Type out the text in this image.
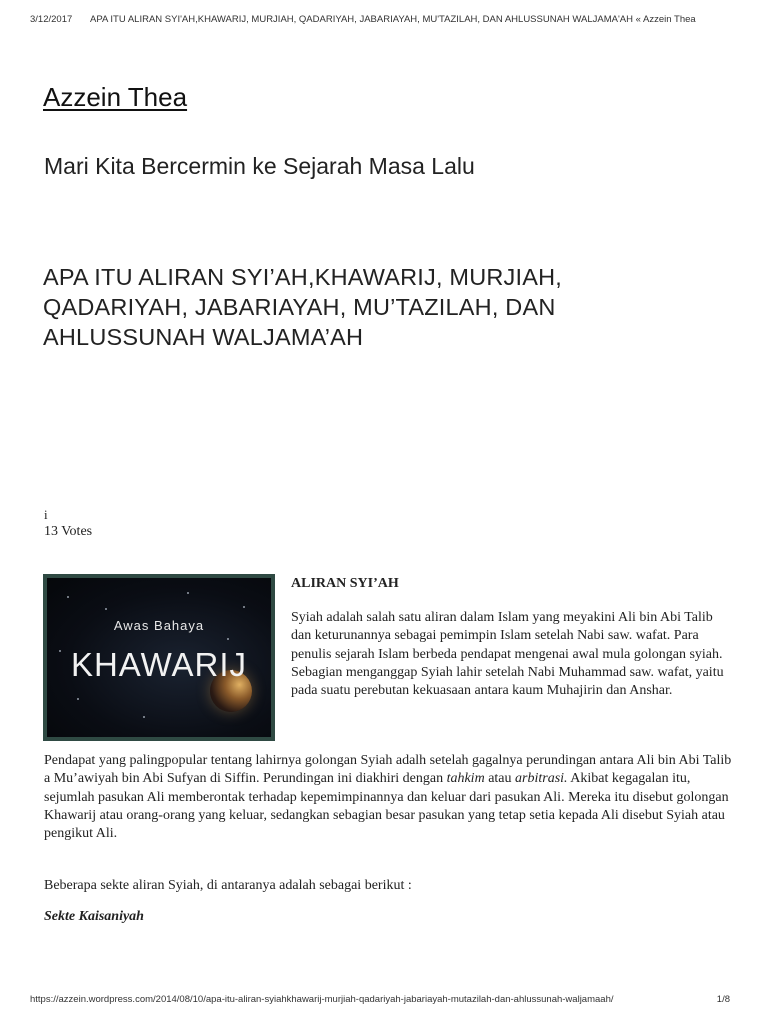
3/12/2017 APA ITU ALIRAN SYI'AH,KHAWARIJ, MURJIAH, QADARIYAH, JABARIAYAH, MU'TAZILAH, DAN AHLUSSUNAH WALJAMA'AH « Azzein Thea
Azzein Thea
Mari Kita Bercermin ke Sejarah Masa Lalu
APA ITU ALIRAN SYI’AH,KHAWARIJ, MURJIAH, QADARIYAH, JABARIAYAH, MU’TAZILAH, DAN AHLUSSUNAH WALJAMA’AH
i
13 Votes
Awas Bahaya
KHAWARIJ
ALIRAN SYI’AH

Syiah adalah salah satu aliran dalam Islam yang meyakini Ali bin Abi Talib dan keturunannya sebagai pemimpin Islam setelah Nabi saw. wafat. Para penulis sejarah Islam berbeda pendapat mengenai awal mula golongan syiah. Sebagian menganggap Syiah lahir setelah Nabi Muhammad saw. wafat, yaitu pada suatu perebutan kekuasaan antara kaum Muhajirin dan Anshar.

Pendapat yang palingpopular tentang lahirnya golongan Syiah adalh setelah gagalnya perundingan antara Ali bin Abi Talib a Mu’awiyah bin Abi Sufyan di Siffin. Perundingan ini diakhiri dengan tahkim atau arbitrasi. Akibat kegagalan itu, sejumlah pasukan Ali memberontak terhadap kepemimpinannya dan keluar dari pasukan Ali. Mereka itu disebut golongan Khawarij atau orang-orang yang keluar, sedangkan sebagian besar pasukan yang tetap setia kepada Ali disebut Syiah atau pengikut Ali.

Beberapa sekte aliran Syiah, di antaranya adalah sebagai berikut :

Sekte Kaisaniyah
https://azzein.wordpress.com/2014/08/10/apa-itu-aliran-syiahkhawarij-murjiah-qadariyah-jabariayah-mutazilah-dan-ahlussunah-waljamaah/	1/8
